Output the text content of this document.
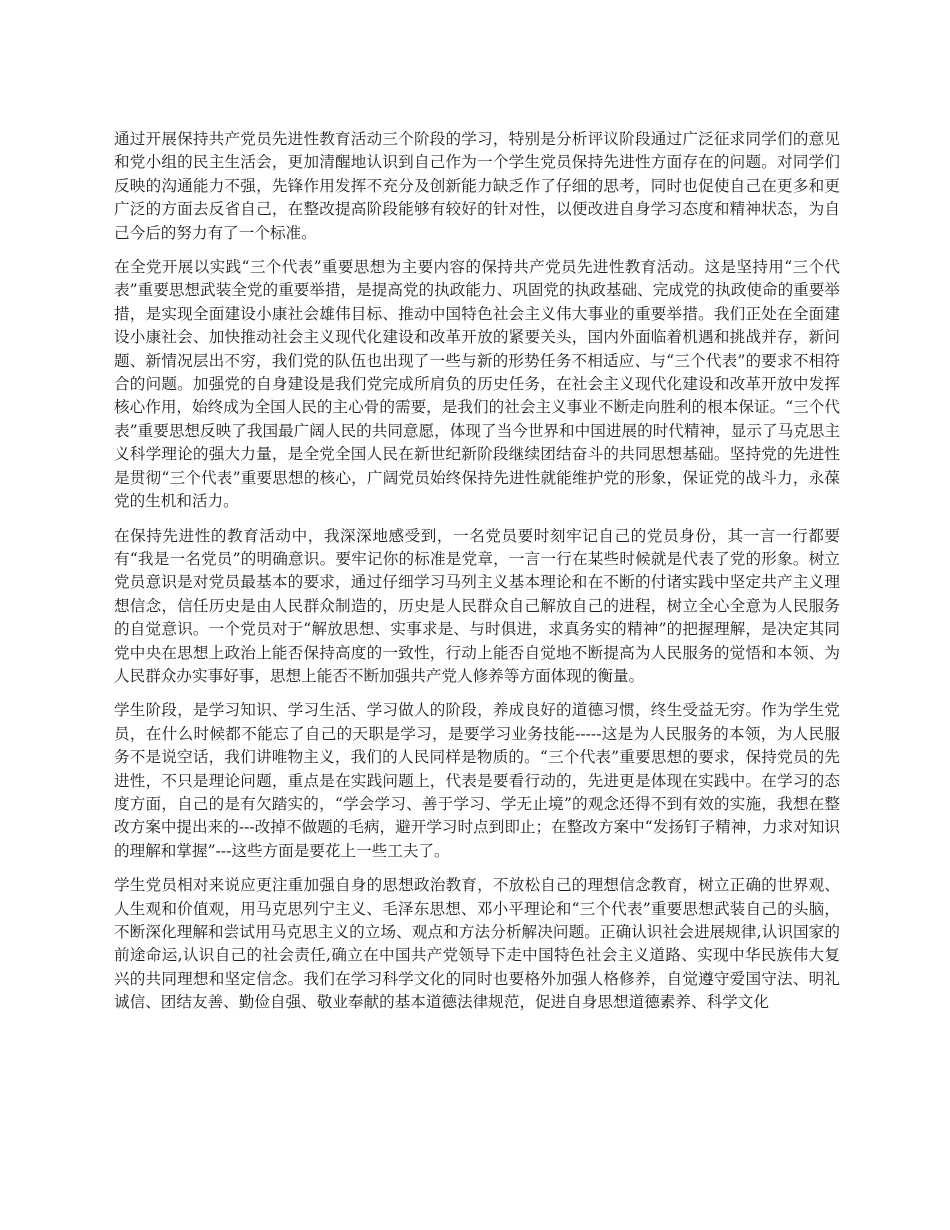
通过开展保持共产党员先进性教育活动三个阶段的学习，特别是分析评议阶段通过广泛征求同学们的意见和党小组的民主生活会，更加清醒地认识到自己作为一个学生党员保持先进性方面存在的问题。对同学们反映的沟通能力不强，先锋作用发挥不充分及创新能力缺乏作了仔细的思考，同时也促使自己在更多和更广泛的方面去反省自己，在整改提高阶段能够有较好的针对性，以便改进自身学习态度和精神状态，为自己今后的努力有了一个标准。

在全党开展以实践“三个代表”重要思想为主要内容的保持共产党员先进性教育活动。这是坚持用“三个代表”重要思想武装全党的重要举措，是提高党的执政能力、巩固党的执政基础、完成党的执政使命的重要举措，是实现全面建设小康社会雄伟目标、推动中国特色社会主义伟大事业的重要举措。我们正处在全面建设小康社会、加快推动社会主义现代化建设和改革开放的紧要关头，国内外面临着机遇和挑战并存，新问题、新情况层出不穷，我们党的队伍也出现了一些与新的形势任务不相适应、与“三个代表”的要求不相符合的问题。加强党的自身建设是我们党完成所肩负的历史任务，在社会主义现代化建设和改革开放中发挥核心作用，始终成为全国人民的主心骨的需要，是我们的社会主义事业不断走向胜利的根本保证。“三个代表”重要思想反映了我国最广阔人民的共同意愿，体现了当今世界和中国进展的时代精神，显示了马克思主义科学理论的强大力量，是全党全国人民在新世纪新阶段继续团结奋斗的共同思想基础。坚持党的先进性是贯彻“三个代表”重要思想的核心，广阔党员始终保持先进性就能维护党的形象，保证党的战斗力，永葆党的生机和活力。

在保持先进性的教育活动中，我深深地感受到，一名党员要时刻牢记自己的党员身份，其一言一行都要有“我是一名党员”的明确意识。要牢记你的标准是党章，一言一行在某些时候就是代表了党的形象。树立党员意识是对党员最基本的要求，通过仔细学习马列主义基本理论和在不断的付诸实践中坚定共产主义理想信念，信任历史是由人民群众制造的，历史是人民群众自己解放自己的进程，树立全心全意为人民服务的自觉意识。一个党员对于“解放思想、实事求是、与时俱进，求真务实的精神”的把握理解，是决定其同党中央在思想上政治上能否保持高度的一致性，行动上能否自觉地不断提高为人民服务的觉悟和本领、为人民群众办实事好事，思想上能否不断加强共产党人修养等方面体现的衡量。

学生阶段，是学习知识、学习生活、学习做人的阶段，养成良好的道德习惯，终生受益无穷。作为学生党员，在什么时候都不能忘了自己的天职是学习，是要学习业务技能-----这是为人民服务的本领，为人民服务不是说空话，我们讲唯物主义，我们的人民同样是物质的。“三个代表”重要思想的要求，保持党员的先进性，不只是理论问题，重点是在实践问题上，代表是要看行动的，先进更是体现在实践中。在学习的态度方面，自己的是有欠踏实的，“学会学习、善于学习、学无止境”的观念还得不到有效的实施，我想在整改方案中提出来的---改掉不做题的毛病，避开学习时点到即止；在整改方案中“发扬钉子精神，力求对知识的理解和掌握”---这些方面是要花上一些工夫了。

学生党员相对来说应更注重加强自身的思想政治教育，不放松自己的理想信念教育，树立正确的世界观、人生观和价值观，用马克思列宁主义、毛泽东思想、邓小平理论和“三个代表”重要思想武装自己的头脑，不断深化理解和尝试用马克思主义的立场、观点和方法分析解决问题。正确认识社会进展规律,认识国家的前途命运,认识自己的社会责任,确立在中国共产党领导下走中国特色社会主义道路、实现中华民族伟大复兴的共同理想和坚定信念。我们在学习科学文化的同时也要格外加强人格修养，自觉遵守爱国守法、明礼诚信、团结友善、勤俭自强、敬业奉献的基本道德法律规范，促进自身思想道德素养、科学文化
